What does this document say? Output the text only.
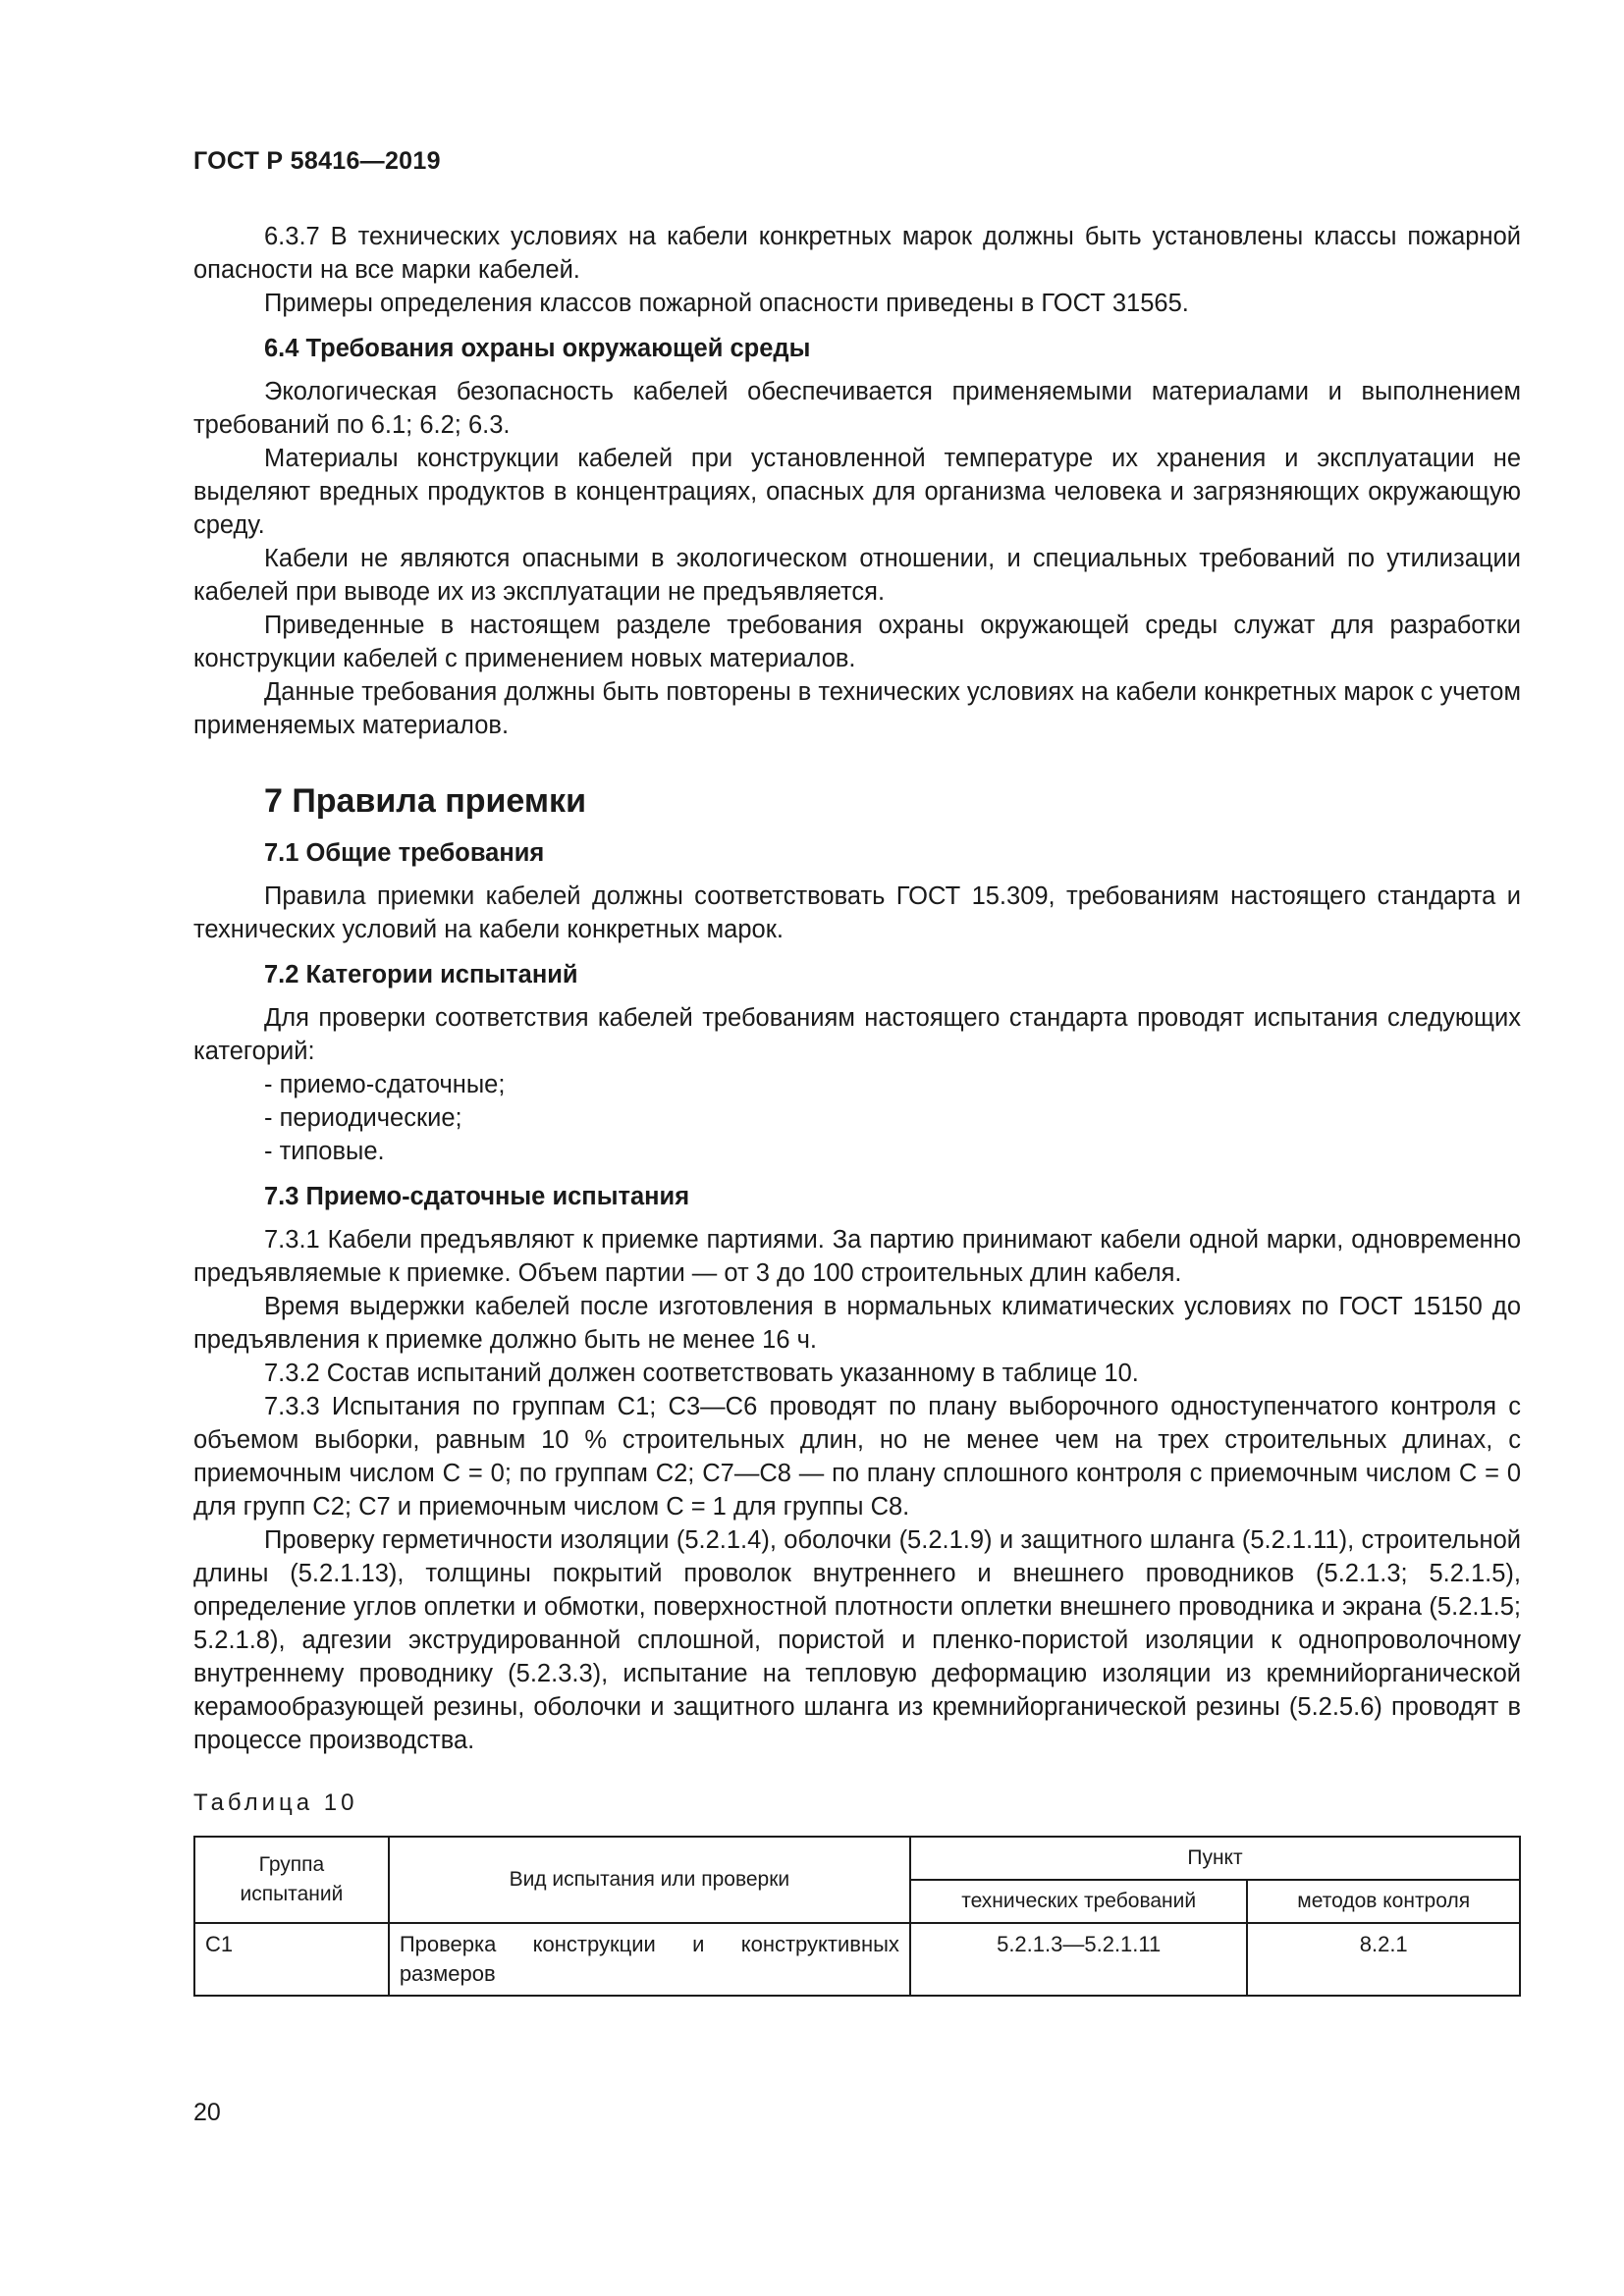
ГОСТ Р 58416—2019

6.3.7 В технических условиях на кабели конкретных марок должны быть установлены классы пожарной опасности на все марки кабелей.

Примеры определения классов пожарной опасности приведены в ГОСТ 31565.

6.4 Требования охраны окружающей среды

Экологическая безопасность кабелей обеспечивается применяемыми материалами и выполнением требований по 6.1; 6.2; 6.3.

Материалы конструкции кабелей при установленной температуре их хранения и эксплуатации не выделяют вредных продуктов в концентрациях, опасных для организма человека и загрязняющих окружающую среду.

Кабели не являются опасными в экологическом отношении, и специальных требований по утилизации кабелей при выводе их из эксплуатации не предъявляется.

Приведенные в настоящем разделе требования охраны окружающей среды служат для разработки конструкции кабелей с применением новых материалов.

Данные требования должны быть повторены в технических условиях на кабели конкретных марок с учетом применяемых материалов.

7 Правила приемки
7.1 Общие требования

Правила приемки кабелей должны соответствовать ГОСТ 15.309, требованиям настоящего стандарта и технических условий на кабели конкретных марок.

7.2 Категории испытаний

Для проверки соответствия кабелей требованиям настоящего стандарта проводят испытания следующих категорий:

- приемо-сдаточные;
- периодические;
- типовые.
7.3 Приемо-сдаточные испытания

7.3.1 Кабели предъявляют к приемке партиями. За партию принимают кабели одной марки, одновременно предъявляемые к приемке. Объем партии — от 3 до 100 строительных длин кабеля.

Время выдержки кабелей после изготовления в нормальных климатических условиях по ГОСТ 15150 до предъявления к приемке должно быть не менее 16 ч.

7.3.2 Состав испытаний должен соответствовать указанному в таблице 10.

7.3.3 Испытания по группам С1; С3—С6 проводят по плану выборочного одноступенчатого контроля с объемом выборки, равным 10 % строительных длин, но не менее чем на трех строительных длинах, с приемочным числом С = 0; по группам С2; С7—С8 — по плану сплошного контроля с приемочным числом С = 0 для групп С2; С7 и приемочным числом С = 1 для группы С8.

Проверку герметичности изоляции (5.2.1.4), оболочки (5.2.1.9) и защитного шланга (5.2.1.11), строительной длины (5.2.1.13), толщины покрытий проволок внутреннего и внешнего проводников (5.2.1.3; 5.2.1.5), определение углов оплетки и обмотки, поверхностной плотности оплетки внешнего проводника и экрана (5.2.1.5; 5.2.1.8), адгезии экструдированной сплошной, пористой и пленко-пористой изоляции к однопроволочному внутреннему проводнику (5.2.3.3), испытание на тепловую деформацию изоляции из кремнийорганической керамообразующей резины, оболочки и защитного шланга из кремнийорганической резины (5.2.5.6) проводят в процессе производства.

Таблица 10
Группа испытаний	Вид испытания или проверки	Пункт	
		технических требований	методов контроля
С1	Проверка конструкции и конструктивных размеров	5.2.1.3—5.2.1.11	8.2.1
20
